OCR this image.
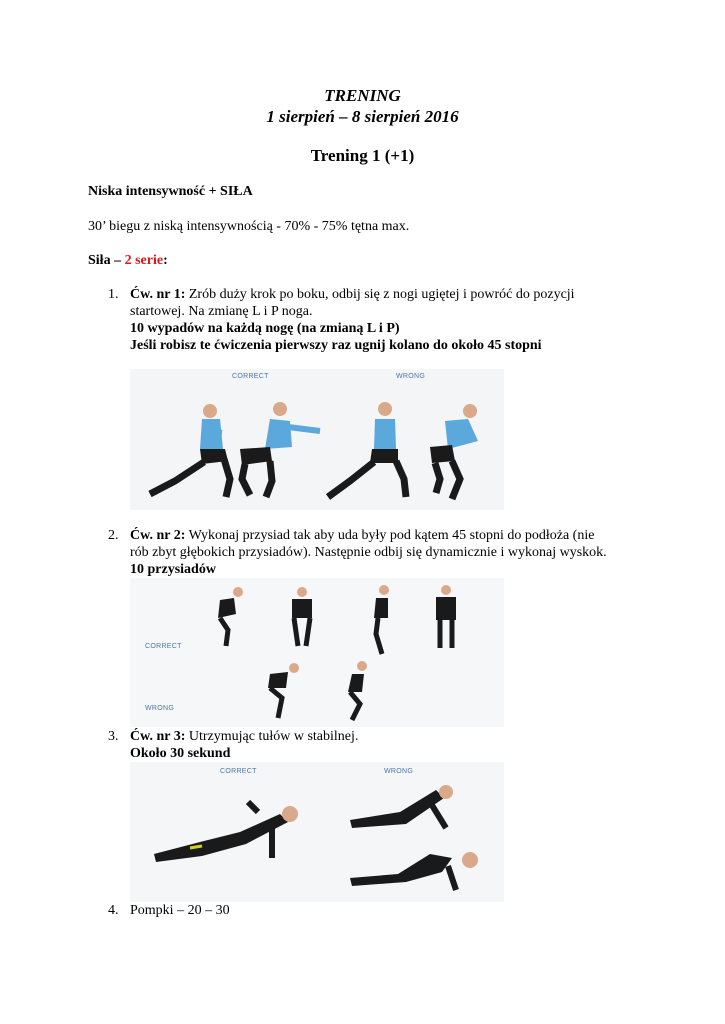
TRENING
1 sierpień – 8 sierpień 2016
Trening 1 (+1)
Niska intensywność + SIŁA
30’ biegu z niską intensywnością - 70% - 75% tętna max.
Siła – 2 serie:
1. Ćw. nr 1: Zrób duży krok po boku, odbij się z nogi ugiętej i powróć do pozycji
startowej. Na zmianę L i P noga.
10 wypadów na każdą nogę (na zmianą L i P)
Jeśli robisz te ćwiczenia pierwszy raz ugnij kolano do około 45 stopni
CORRECT	WRONG
2. Ćw. nr 2: Wykonaj przysiad tak aby uda były pod kątem 45 stopni do podłoża (nie
rób zbyt głębokich przysiadów). Następnie odbij się dynamicznie i wykonaj wyskok.
10 przysiadów
CORRECT
WRONG
3. Ćw. nr 3: Utrzymując tułów w stabilnej.
Około 30 sekund
CORRECT	WRONG
4. Pompki – 20 – 30
